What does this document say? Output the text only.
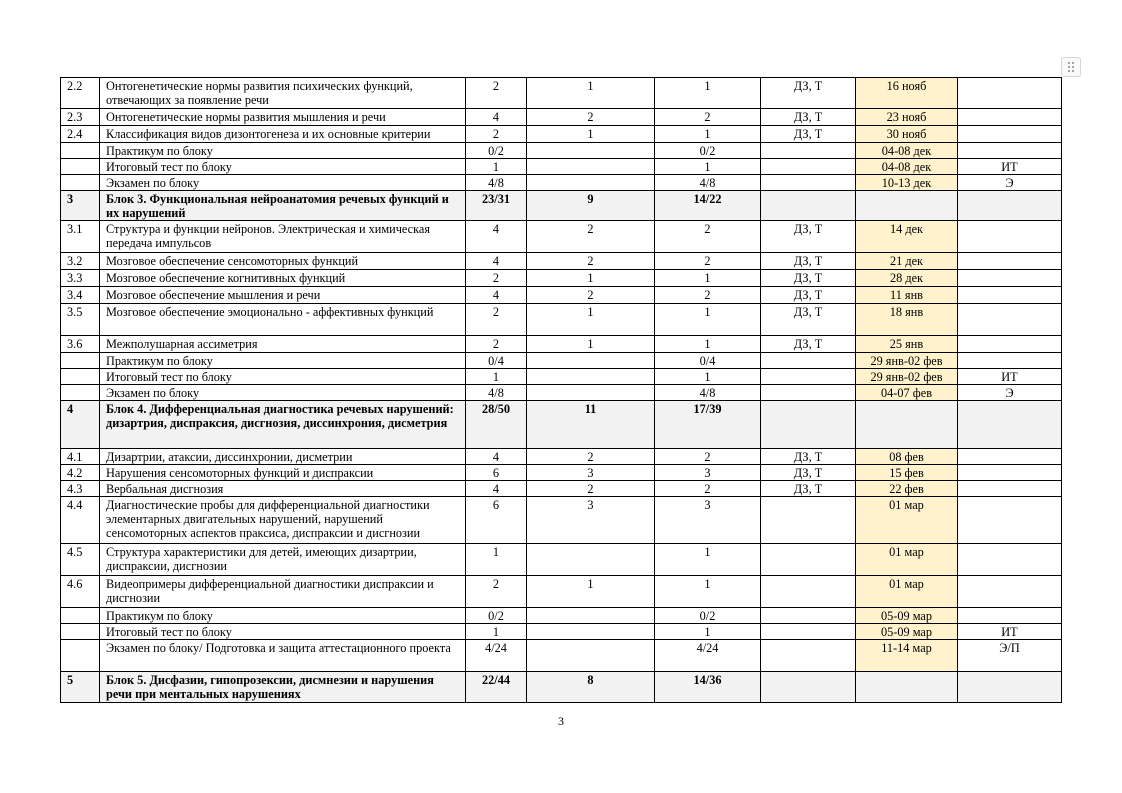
2.2	Онтогенетические нормы развития психических функций, отвечающих за появление речи	2	1	1	ДЗ, Т	16 нояб	
2.3	Онтогенетические нормы развития мышления и речи	4	2	2	ДЗ, Т	23 нояб	
2.4	Классификация видов дизонтогенеза и их основные критерии	2	1	1	ДЗ, Т	30 нояб	
	Практикум по блоку	0/2		0/2		04-08 дек	
	Итоговый тест по блоку	1		1		04-08 дек	ИТ
	Экзамен по блоку	4/8		4/8		10-13 дек	Э
3	Блок 3. Функциональная нейроанатомия речевых функций и их нарушений	23/31	9	14/22			
3.1	Структура и функции нейронов. Электрическая и химическая передача импульсов	4	2	2	ДЗ, Т	14 дек	
3.2	Мозговое обеспечение сенсомоторных функций	4	2	2	ДЗ, Т	21 дек	
3.3	Мозговое обеспечение когнитивных функций	2	1	1	ДЗ, Т	28 дек	
3.4	Мозговое обеспечение мышления и речи	4	2	2	ДЗ, Т	11 янв	
3.5	Мозговое обеспечение эмоционально - аффективных функций	2	1	1	ДЗ, Т	18 янв	
3.6	Межполушарная ассиметрия	2	1	1	ДЗ, Т	25 янв	
	Практикум по блоку	0/4		0/4		29 янв-02 фев	
	Итоговый тест по блоку	1		1		29 янв-02 фев	ИТ
	Экзамен по блоку	4/8		4/8		04-07 фев	Э
4	Блок 4. Дифференциальная диагностика речевых нарушений: дизартрия, диспраксия, дисгнозия, диссинхрония, дисметрия	28/50	11	17/39			
4.1	Дизартрии, атаксии, диссинхронии, дисметрии	4	2	2	ДЗ, Т	08 фев	
4.2	Нарушения сенсомоторных функций и диспраксии	6	3	3	ДЗ, Т	15 фев	
4.3	Вербальная дисгнозия	4	2	2	ДЗ, Т	22 фев	
4.4	Диагностические пробы для дифференциальной диагностики элементарных двигательных нарушений, нарушений сенсомоторных аспектов праксиса, диспраксии и дисгнозии	6	3	3		01 мар	
4.5	Структура характеристики для детей, имеющих дизартрии, диспраксии, дисгнозии	1		1		01 мар	
4.6	Видеопримеры дифференциальной диагностики диспраксии и дисгнозии	2	1	1		01 мар	
	Практикум по блоку	0/2		0/2		05-09 мар	
	Итоговый тест по блоку	1		1		05-09 мар	ИТ
	Экзамен по блоку/ Подготовка и защита аттестационного проекта	4/24		4/24		11-14 мар	Э/П
5	Блок 5. Дисфазии, гипопрозексии, дисмнезии и нарушения речи при ментальных нарушениях	22/44	8	14/36			
3
